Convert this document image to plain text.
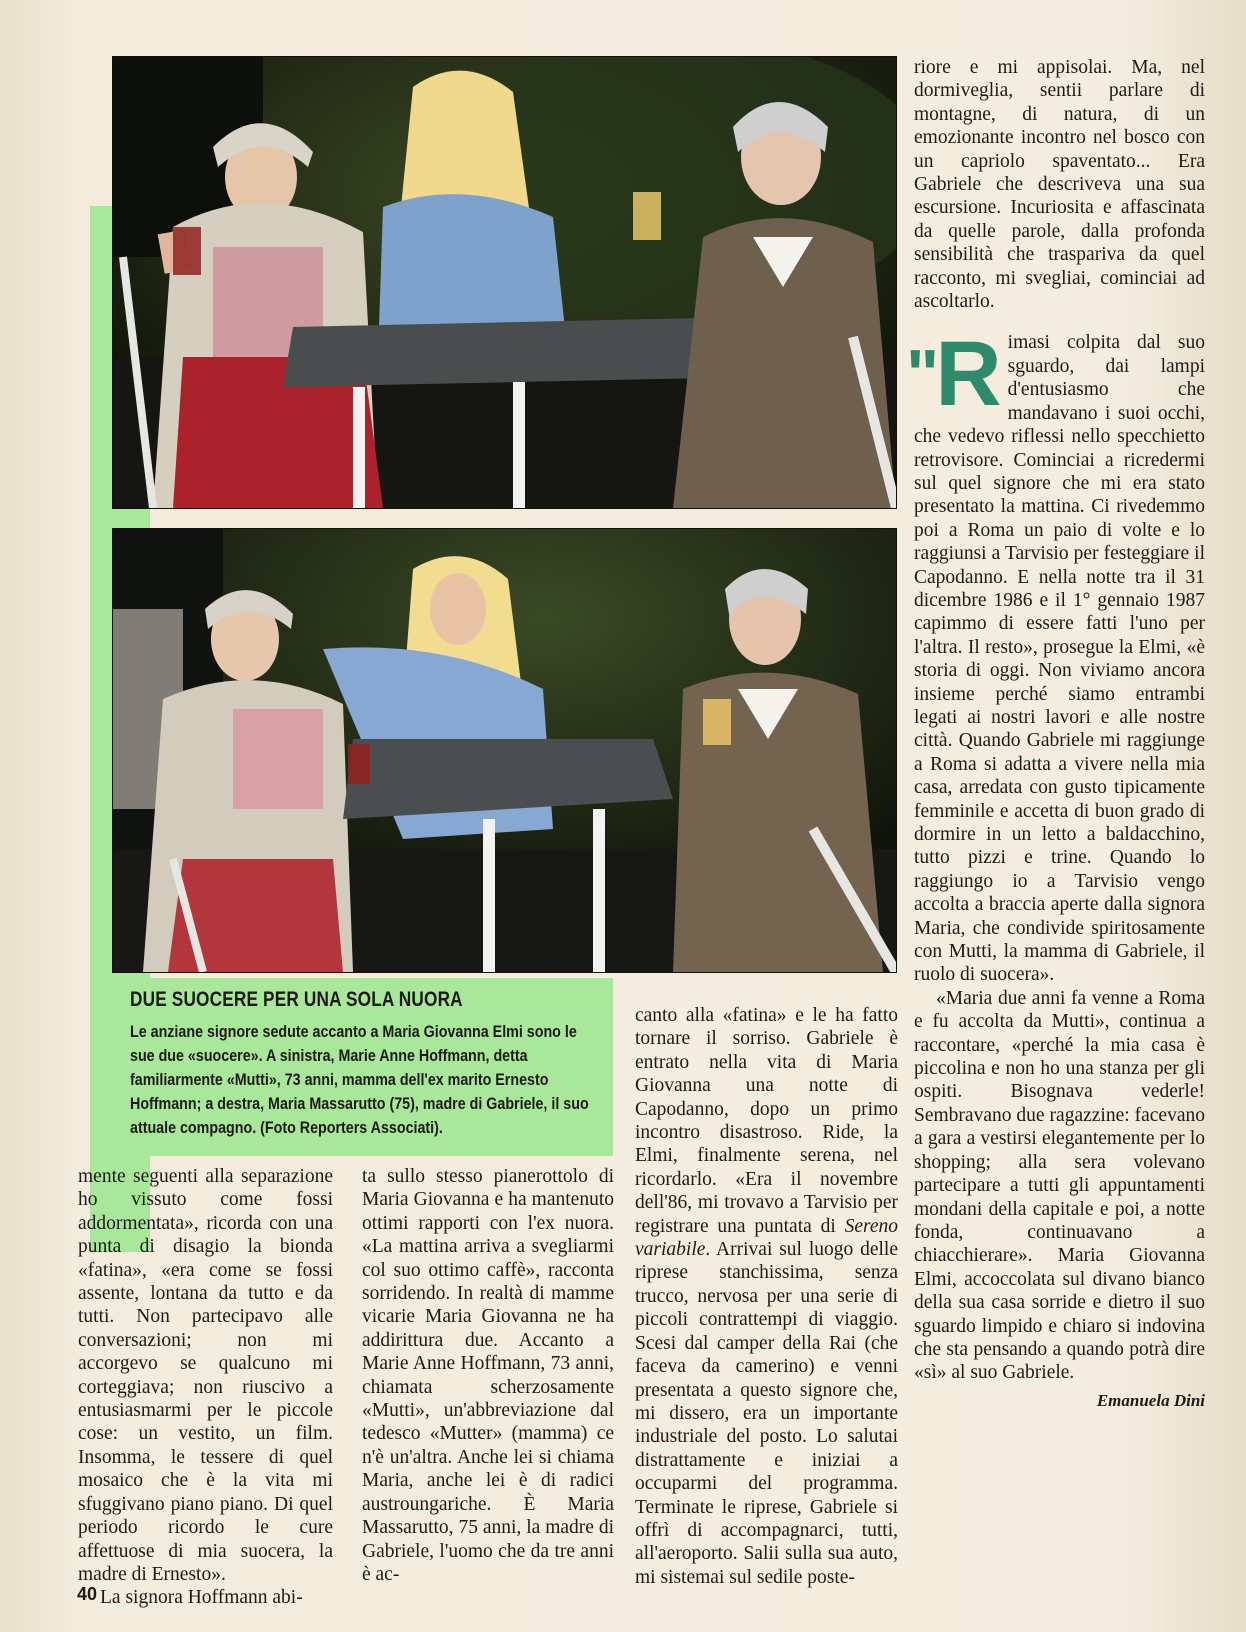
DUE SUOCERE PER UNA SOLA NUORA

Le anziane signore sedute accanto a Maria Giovanna Elmi sono le sue due «suocere». A sinistra, Marie Anne Hoffmann, detta familiarmente «Mutti», 73 anni, mamma dell'ex marito Ernesto Hoffmann; a destra, Maria Massarutto (75), madre di Gabriele, il suo attuale compagno. (Foto Reporters Associati).

mente seguenti alla separazione ho vissuto come fossi addormentata», ricorda con una punta di disagio la bionda «fatina», «era come se fossi assente, lontana da tutto e da tutti. Non partecipavo alle conversazioni; non mi accorgevo se qualcuno mi corteggiava; non riuscivo a entusiasmarmi per le piccole cose: un vestito, un film. Insomma, le tessere di quel mosaico che è la vita mi sfuggivano piano piano. Di quel periodo ricordo le cure affettuose di mia suocera, la madre di Ernesto».

La signora Hoffmann abi-

ta sullo stesso pianerottolo di Maria Giovanna e ha mantenuto ottimi rapporti con l'ex nuora. «La mattina arriva a svegliarmi col suo ottimo caffè», racconta sorridendo. In realtà di mamme vicarie Maria Giovanna ne ha addirittura due. Accanto a Marie Anne Hoffmann, 73 anni, chiamata scherzosamente «Mutti», un'abbreviazione dal tedesco «Mutter» (mamma) ce n'è un'altra. Anche lei si chiama Maria, anche lei è di radici austroungariche. È Maria Massarutto, 75 anni, la madre di Gabriele, l'uomo che da tre anni è ac-

canto alla «fatina» e le ha fatto tornare il sorriso. Gabriele è entrato nella vita di Maria Giovanna una notte di Capodanno, dopo un primo incontro disastroso. Ride, la Elmi, finalmente serena, nel ricordarlo. «Era il novembre dell'86, mi trovavo a Tarvisio per registrare una puntata di Sereno variabile. Arrivai sul luogo delle riprese stanchissima, senza trucco, nervosa per una serie di piccoli contrattempi di viaggio. Scesi dal camper della Rai (che faceva da camerino) e venni presentata a questo signore che, mi dissero, era un importante industriale del posto. Lo salutai distrattamente e iniziai a occuparmi del programma. Terminate le riprese, Gabriele si offrì di accompagnarci, tutti, all'aeroporto. Salii sulla sua auto, mi sistemai sul sedile poste-

riore e mi appisolai. Ma, nel dormiveglia, sentii parlare di montagne, di natura, di un emozionante incontro nel bosco con un capriolo spaventato... Era Gabriele che descriveva una sua escursione. Incuriosita e affascinata da quelle parole, dalla profonda sensibilità che traspariva da quel racconto, mi svegliai, cominciai ad ascoltarlo.

"R imasi colpita dal suo sguardo, dai lampi d'entusiasmo che mandavano i suoi occhi, che vedevo riflessi nello specchietto retrovisore. Cominciai a ricredermi sul quel signore che mi era stato presentato la mattina. Ci rivedemmo poi a Roma un paio di volte e lo raggiunsi a Tarvisio per festeggiare il Capodanno. E nella notte tra il 31 dicembre 1986 e il 1° gennaio 1987 capimmo di essere fatti l'uno per l'altra. Il resto», prosegue la Elmi, «è storia di oggi. Non viviamo ancora insieme perché siamo entrambi legati ai nostri lavori e alle nostre città. Quando Gabriele mi raggiunge a Roma si adatta a vivere nella mia casa, arredata con gusto tipicamente femminile e accetta di buon grado di dormire in un letto a baldacchino, tutto pizzi e trine. Quando lo raggiungo io a Tarvisio vengo accolta a braccia aperte dalla signora Maria, che condivide spiritosamente con Mutti, la mamma di Gabriele, il ruolo di suocera».

«Maria due anni fa venne a Roma e fu accolta da Mutti», continua a raccontare, «perché la mia casa è piccolina e non ho una stanza per gli ospiti. Bisognava vederle! Sembravano due ragazzine: facevano a gara a vestirsi elegantemente per lo shopping; alla sera volevano partecipare a tutti gli appuntamenti mondani della capitale e poi, a notte fonda, continuavano a chiacchierare». Maria Giovanna Elmi, accoccolata sul divano bianco della sua casa sorride e dietro il suo sguardo limpido e chiaro si indovina che sta pensando a quando potrà dire «sì» al suo Gabriele.

Emanuela Dini
40
